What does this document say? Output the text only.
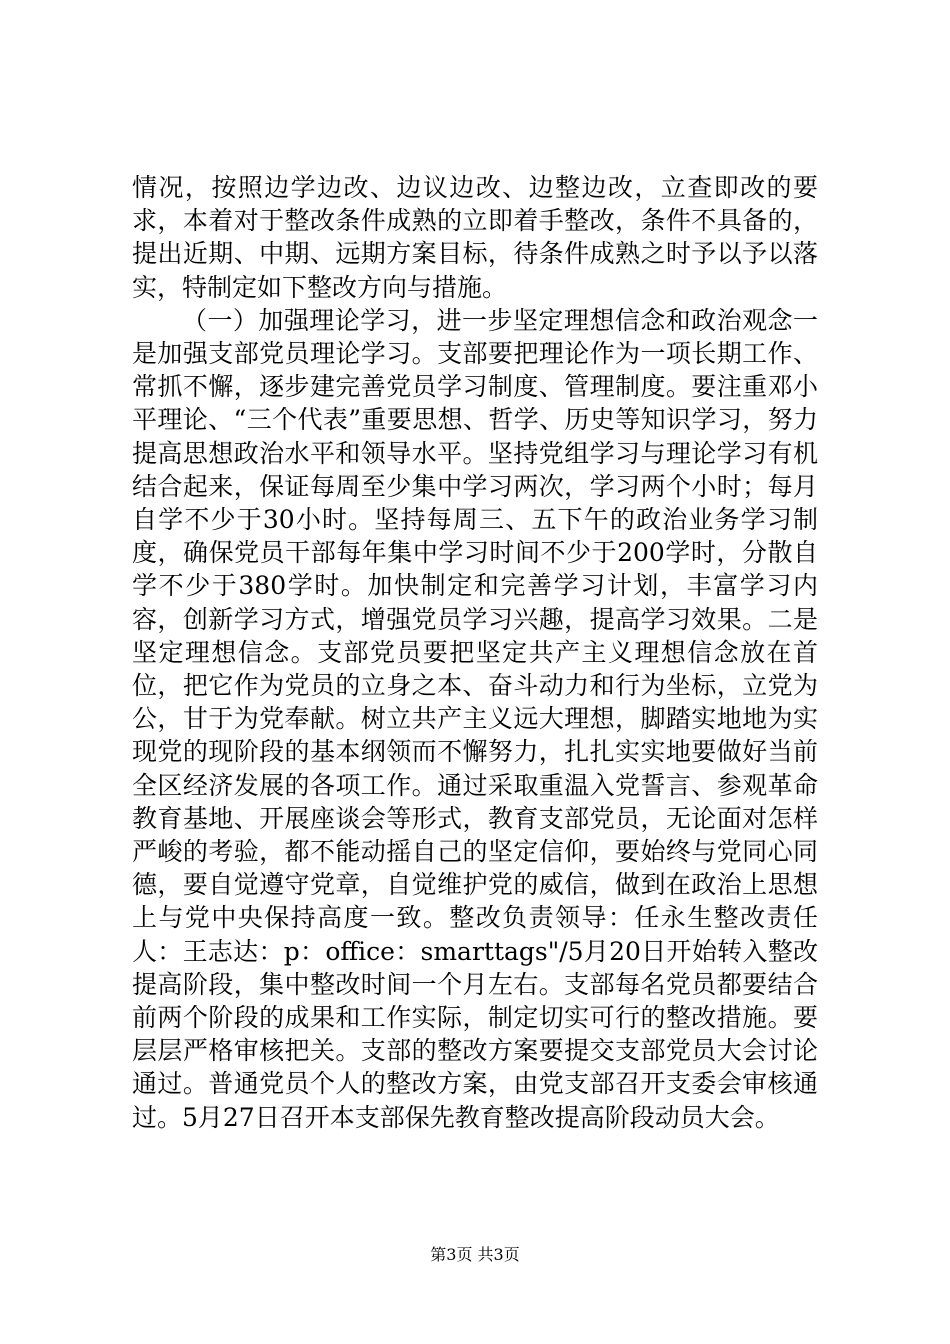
情况，按照边学边改、边议边改、边整边改，立查即改的要求，本着对于整改条件成熟的立即着手整改，条件不具备的，提出近期、中期、远期方案目标，待条件成熟之时予以予以落实，特制定如下整改方向与措施。

（一）加强理论学习，进一步坚定理想信念和政治观念一是加强支部党员理论学习。支部要把理论作为一项长期工作、常抓不懈，逐步建完善党员学习制度、管理制度。要注重邓小平理论、“三个代表”重要思想、哲学、历史等知识学习，努力提高思想政治水平和领导水平。坚持党组学习与理论学习有机结合起来，保证每周至少集中学习两次，学习两个小时；每月自学不少于30小时。坚持每周三、五下午的政治业务学习制度，确保党员干部每年集中学习时间不少于200学时，分散自学不少于380学时。加快制定和完善学习计划，丰富学习内容，创新学习方式，增强党员学习兴趣，提高学习效果。二是坚定理想信念。支部党员要把坚定共产主义理想信念放在首位，把它作为党员的立身之本、奋斗动力和行为坐标，立党为公，甘于为党奉献。树立共产主义远大理想，脚踏实地地为实现党的现阶段的基本纲领而不懈努力，扎扎实实地要做好当前全区经济发展的各项工作。通过采取重温入党誓言、参观革命教育基地、开展座谈会等形式，教育支部党员，无论面对怎样严峻的考验，都不能动摇自己的坚定信仰，要始终与党同心同德，要自觉遵守党章，自觉维护党的威信，做到在政治上思想上与党中央保持高度一致。整改负责领导：任永生整改责任人：王志达：p：office：smarttags"/5月20日开始转入整改提高阶段，集中整改时间一个月左右。支部每名党员都要结合前两个阶段的成果和工作实际，制定切实可行的整改措施。要层层严格审核把关。支部的整改方案要提交支部党员大会讨论通过。普通党员个人的整改方案，由党支部召开支委会审核通过。5月27日召开本支部保先教育整改提高阶段动员大会。

第3页 共3页
